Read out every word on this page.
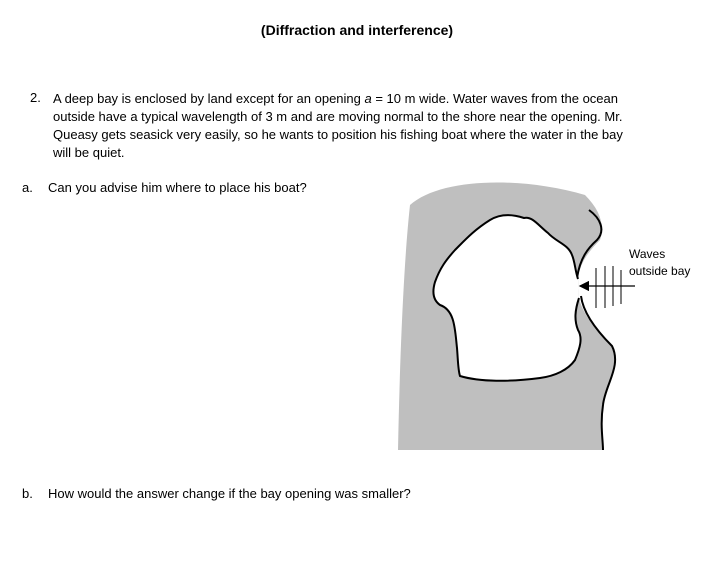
(Diffraction and interference)
2. A deep bay is enclosed by land except for an opening a = 10 m wide. Water waves from the ocean outside have a typical wavelength of 3 m and are moving normal to the shore near the opening. Mr. Queasy gets seasick very easily, so he wants to position his fishing boat where the water in the bay will be quiet.
a. Can you advise him where to place his boat?
Waves
outside bay
b. How would the answer change if the bay opening was smaller?
